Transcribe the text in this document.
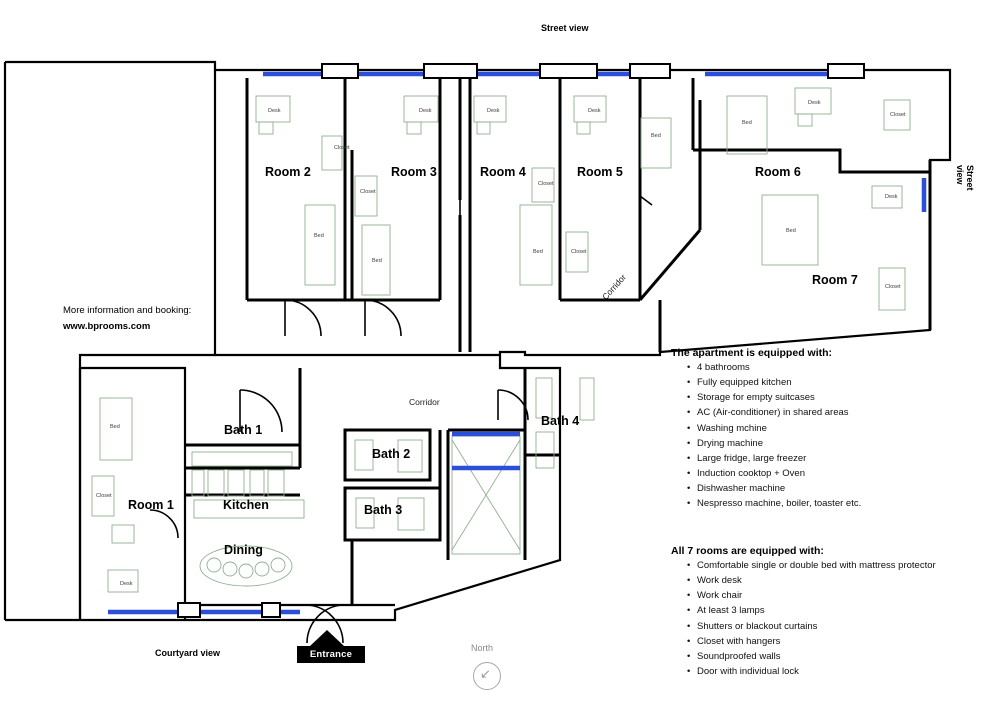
Street view
Street view
Courtyard view
Room 1
Room 2	Room 3	Room 4	Room 5	Room 6
Room 7
Bath 1
Bath 2
Bath 3
Bath 4
Kitchen
Dining
Corridor
Corridor
Desk	Desk	Desk	Desk
Desk
Desk
Desk
Closet
Closet
Closet
Closet
Closet
Closet
Closet
Bed
Bed
Bed
Bed
Bed
Bed
Bed
More information and booking:
www.bprooms.com
The apartment is equipped with:
• 4 bathrooms
• Fully equipped kitchen
• Storage for empty suitcases
• AC (Air-conditioner) in shared areas
• Washing mchine
• Drying machine
• Large fridge, large freezer
• Induction cooktop + Oven
• Dishwasher machine
• Nespresso machine, boiler, toaster etc.
All 7 rooms are equipped with:
• Comfortable single or double bed with mattress protector
• Work desk
• Work chair
• At least 3 lamps
• Shutters or blackout curtains
• Closet with hangers
• Soundproofed walls
• Door with individual lock
Entrance
North
↙
